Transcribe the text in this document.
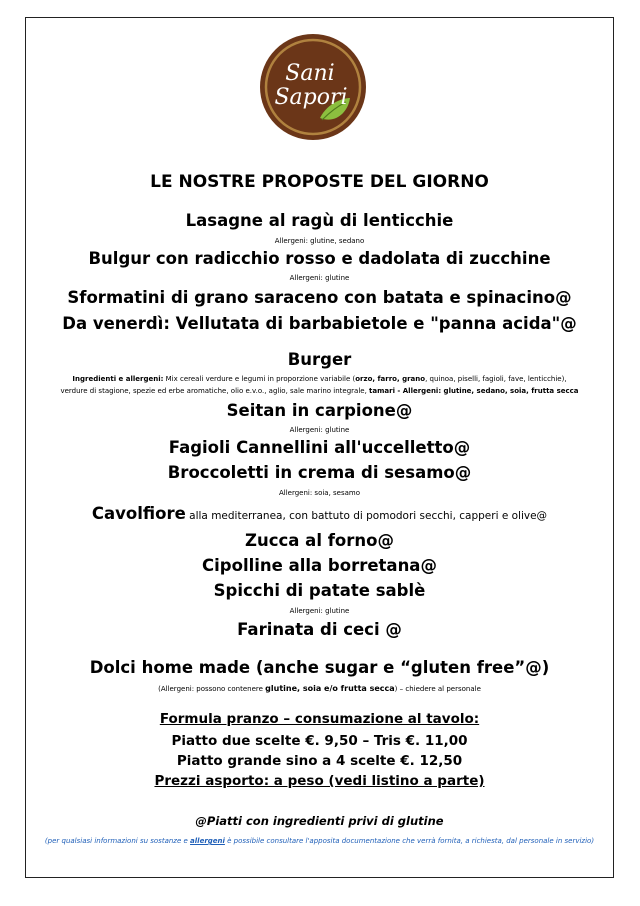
Sani
Sapori
LE NOSTRE PROPOSTE DEL GIORNO
Lasagne al ragù di lenticchie
Allergeni: glutine, sedano
Bulgur con radicchio rosso e dadolata di zucchine
Allergeni: glutine
Sformatini di grano saraceno con batata e spinacino@
Da venerdì: Vellutata di barbabietole e "panna acida"@
Burger
Ingredienti e allergeni: Mix cereali verdure e legumi in proporzione variabile (orzo, farro, grano, quinoa, piselli, fagioli, fave, lenticchie),
verdure di stagione, spezie ed erbe aromatiche, olio e.v.o., aglio, sale marino integrale, tamari - Allergeni: glutine, sedano, soia, frutta secca
Seitan in carpione@
Allergeni: glutine
Fagioli Cannellini all'uccelletto@
Broccoletti in crema di sesamo@
Allergeni: soia, sesamo
Cavolfiore alla mediterranea, con battuto di pomodori secchi, capperi e olive@
Zucca al forno@
Cipolline alla borretana@
Spicchi di patate sablè
Allergeni: glutine
Farinata di ceci @
Dolci home made (anche sugar e “gluten free”@)
(Allergeni: possono contenere glutine, soia e/o frutta secca) – chiedere al personale
Formula pranzo – consumazione al tavolo:
Piatto due scelte €. 9,50 – Tris €. 11,00
Piatto grande sino a 4 scelte €. 12,50
Prezzi asporto: a peso (vedi listino a parte)
@Piatti con ingredienti privi di glutine
(per qualsiasi informazioni su sostanze e allergeni è possibile consultare l'apposita documentazione che verrà fornita, a richiesta, dal personale in servizio)
